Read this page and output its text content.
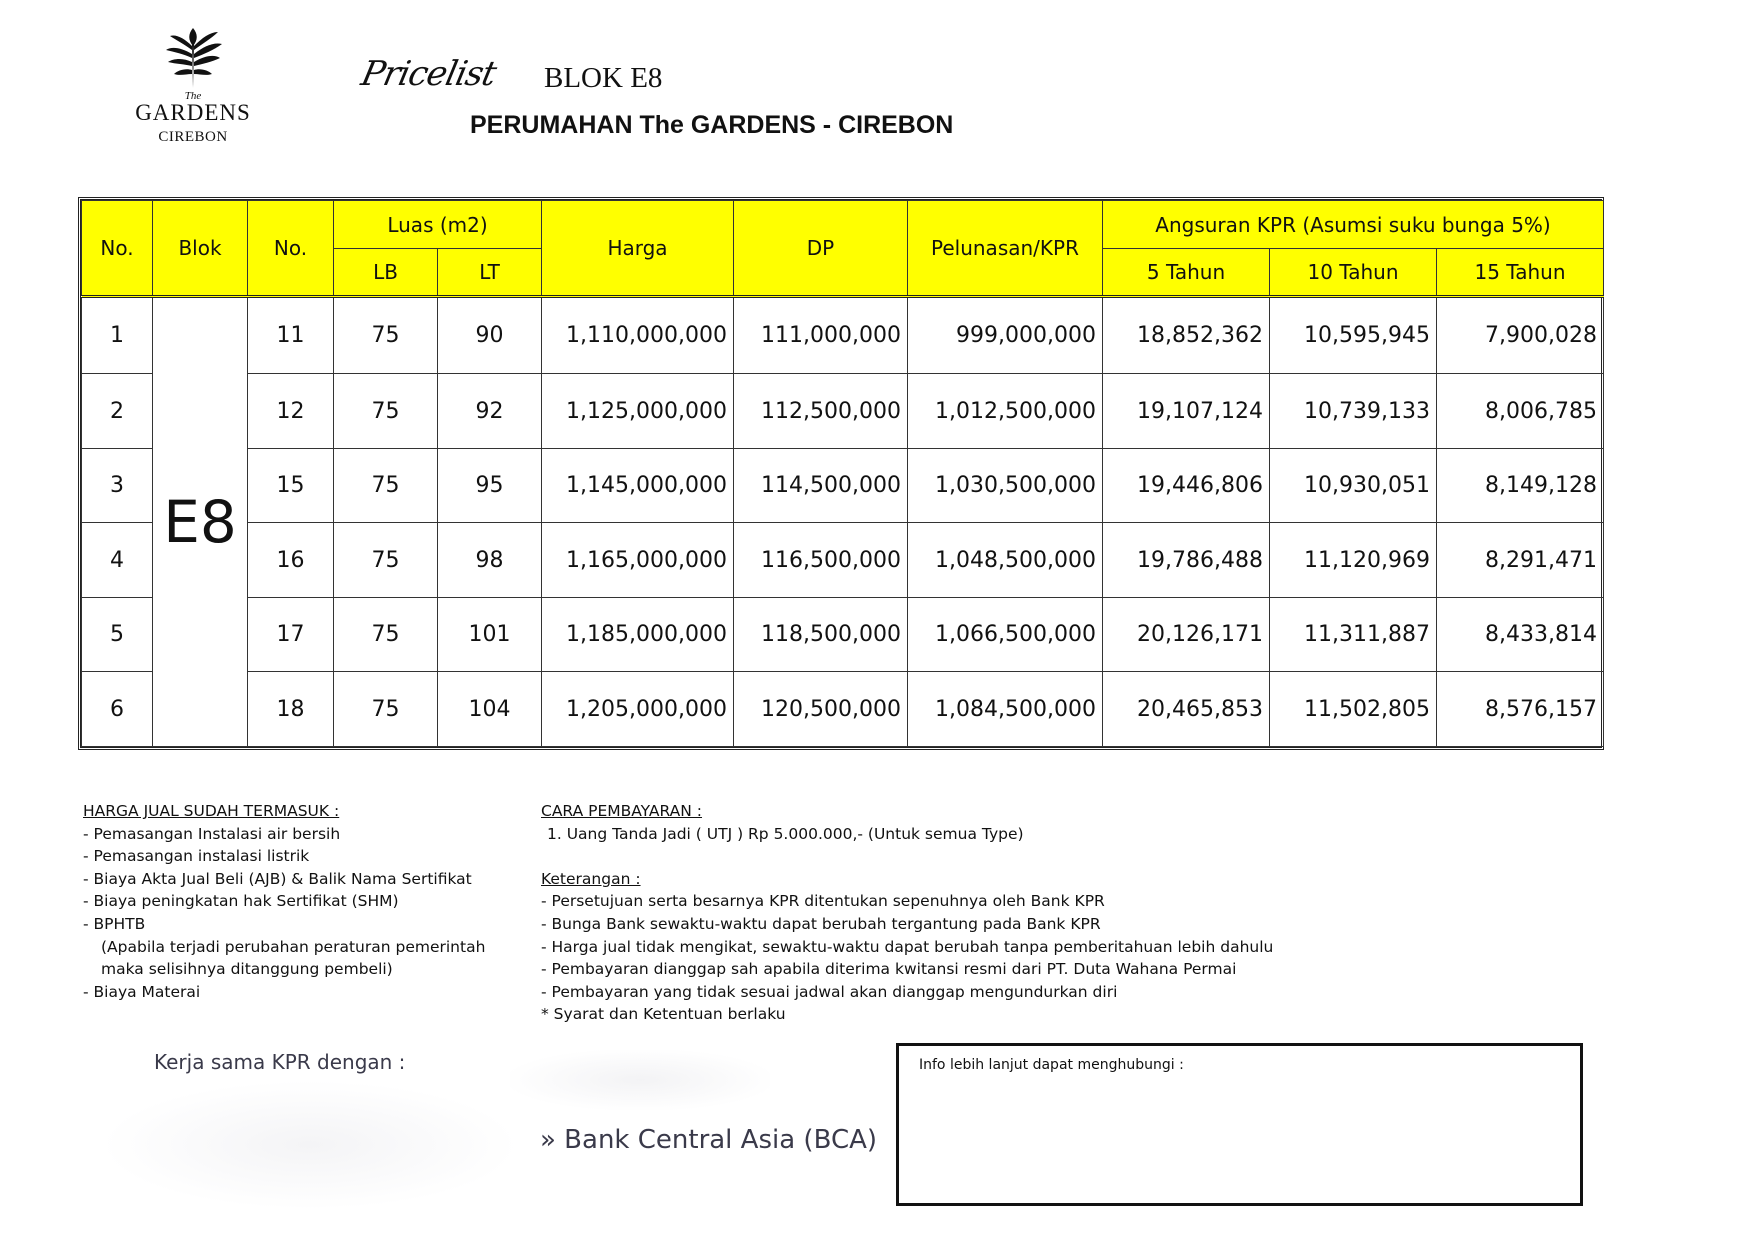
The
GARDENS
CIREBON
Pricelist BLOK E8
PERUMAHAN The GARDENS - CIREBON
No.	Blok	No.	Luas (m2)		Harga	DP	Pelunasan/KPR	Angsuran KPR (Asumsi suku bunga 5%)		
			LB	LT				5 Tahun	10 Tahun	15 Tahun
1	E8	11	75	90	1,110,000,000	111,000,000	999,000,000	18,852,362	10,595,945	7,900,028
2		12	75	92	1,125,000,000	112,500,000	1,012,500,000	19,107,124	10,739,133	8,006,785
3		15	75	95	1,145,000,000	114,500,000	1,030,500,000	19,446,806	10,930,051	8,149,128
4		16	75	98	1,165,000,000	116,500,000	1,048,500,000	19,786,488	11,120,969	8,291,471
5		17	75	101	1,185,000,000	118,500,000	1,066,500,000	20,126,171	11,311,887	8,433,814
6		18	75	104	1,205,000,000	120,500,000	1,084,500,000	20,465,853	11,502,805	8,576,157
HARGA JUAL SUDAH TERMASUK :
- Pemasangan Instalasi air bersih
- Pemasangan instalasi listrik
- Biaya Akta Jual Beli (AJB) & Balik Nama Sertifikat
- Biaya peningkatan hak Sertifikat (SHM)
- BPHTB
(Apabila terjadi perubahan peraturan pemerintah
maka selisihnya ditanggung pembeli)
- Biaya Materai
CARA PEMBAYARAN :
1. Uang Tanda Jadi ( UTJ ) Rp 5.000.000,- (Untuk semua Type)
Keterangan :
- Persetujuan serta besarnya KPR ditentukan sepenuhnya oleh Bank KPR
- Bunga Bank sewaktu-waktu dapat berubah tergantung pada Bank KPR
- Harga jual tidak mengikat, sewaktu-waktu dapat berubah tanpa pemberitahuan lebih dahulu
- Pembayaran dianggap sah apabila diterima kwitansi resmi dari PT. Duta Wahana Permai
- Pembayaran yang tidak sesuai jadwal akan dianggap mengundurkan diri
* Syarat dan Ketentuan berlaku
Kerja sama KPR dengan :
» Bank Central Asia (BCA)
Info lebih lanjut dapat menghubungi :
